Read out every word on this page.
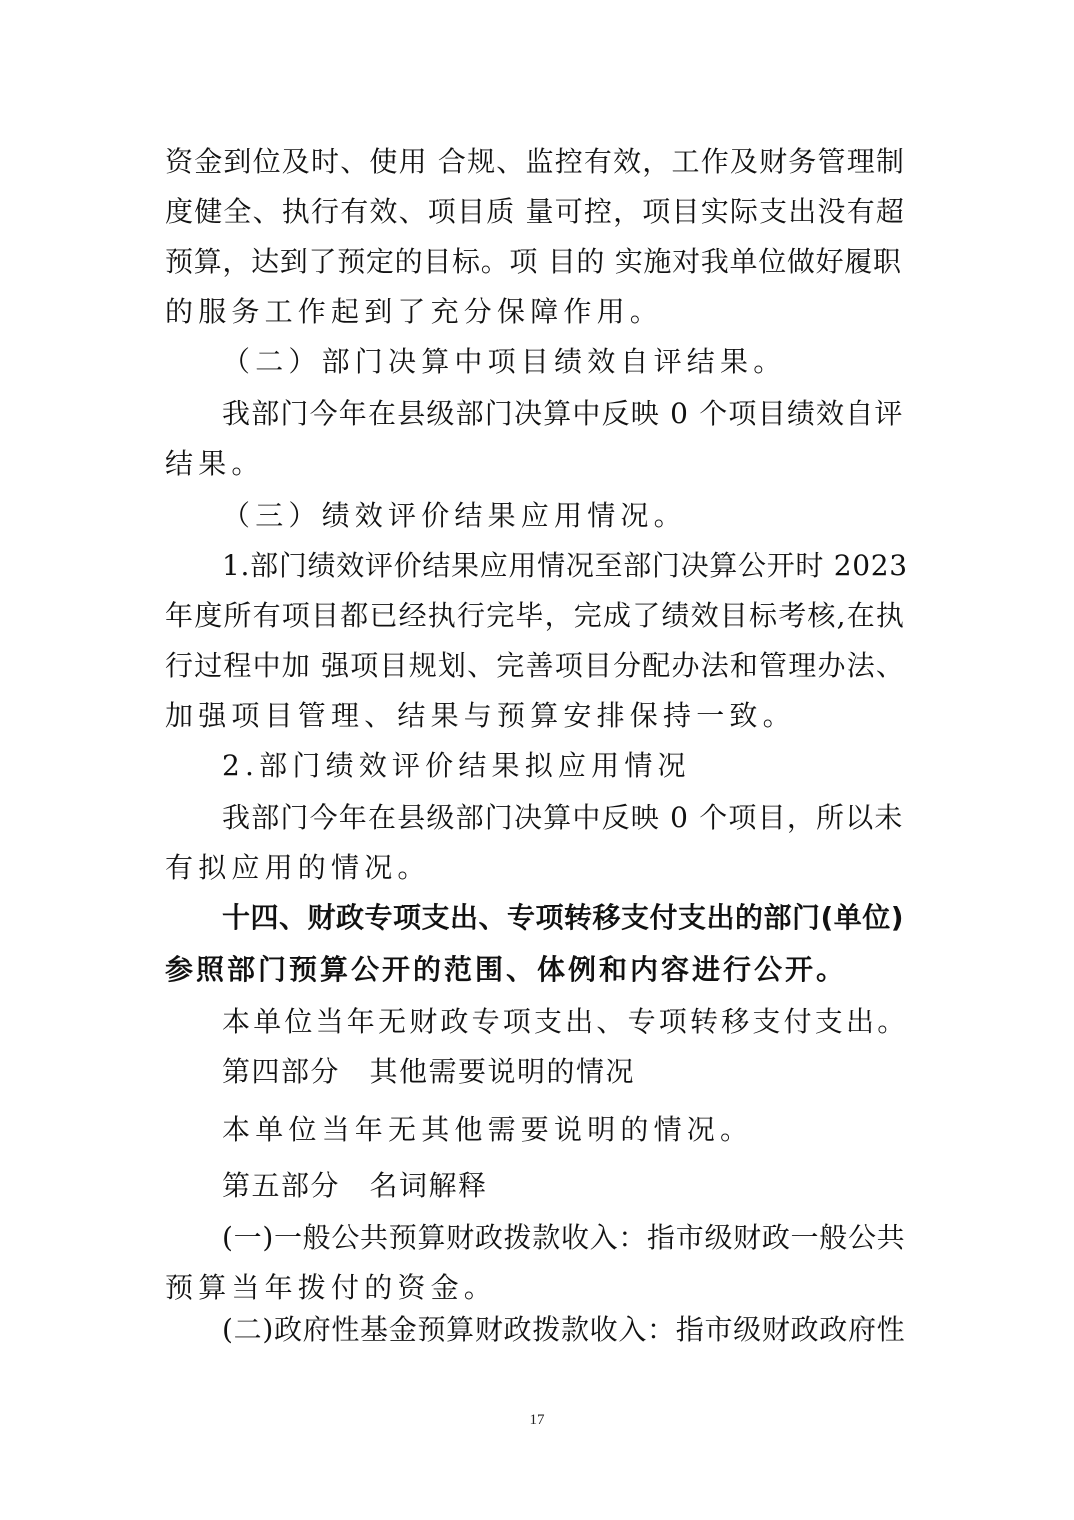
资金到位及时、使用 合规、监控有效，工作及财务管理制
度健全、执行有效、项目质 量可控，项目实际支出没有超
预算，达到了预定的目标。项 目的 实施对我单位做好履职
的服务工作起到了充分保障作用。
（二）部门决算中项目绩效自评结果。
我部门今年在县级部门决算中反映 0 个项目绩效自评
结果。
（三）绩效评价结果应用情况。
1.部门绩效评价结果应用情况至部门决算公开时 2023
年度所有项目都已经执行完毕，完成了绩效目标考核,在执
行过程中加 强项目规划、完善项目分配办法和管理办法、
加强项目管理、结果与预算安排保持一致。
2.部门绩效评价结果拟应用情况
我部门今年在县级部门决算中反映 0 个项目，所以未
有拟应用的情况。
十四、财政专项支出、专项转移支付支出的部门(单位)
参照部门预算公开的范围、体例和内容进行公开。
本单位当年无财政专项支出、专项转移支付支出。
第四部分　其他需要说明的情况
本单位当年无其他需要说明的情况。
第五部分　名词解释
(一)一般公共预算财政拨款收入：指市级财政一般公共
预算当年拨付的资金。
(二)政府性基金预算财政拨款收入：指市级财政政府性
17
